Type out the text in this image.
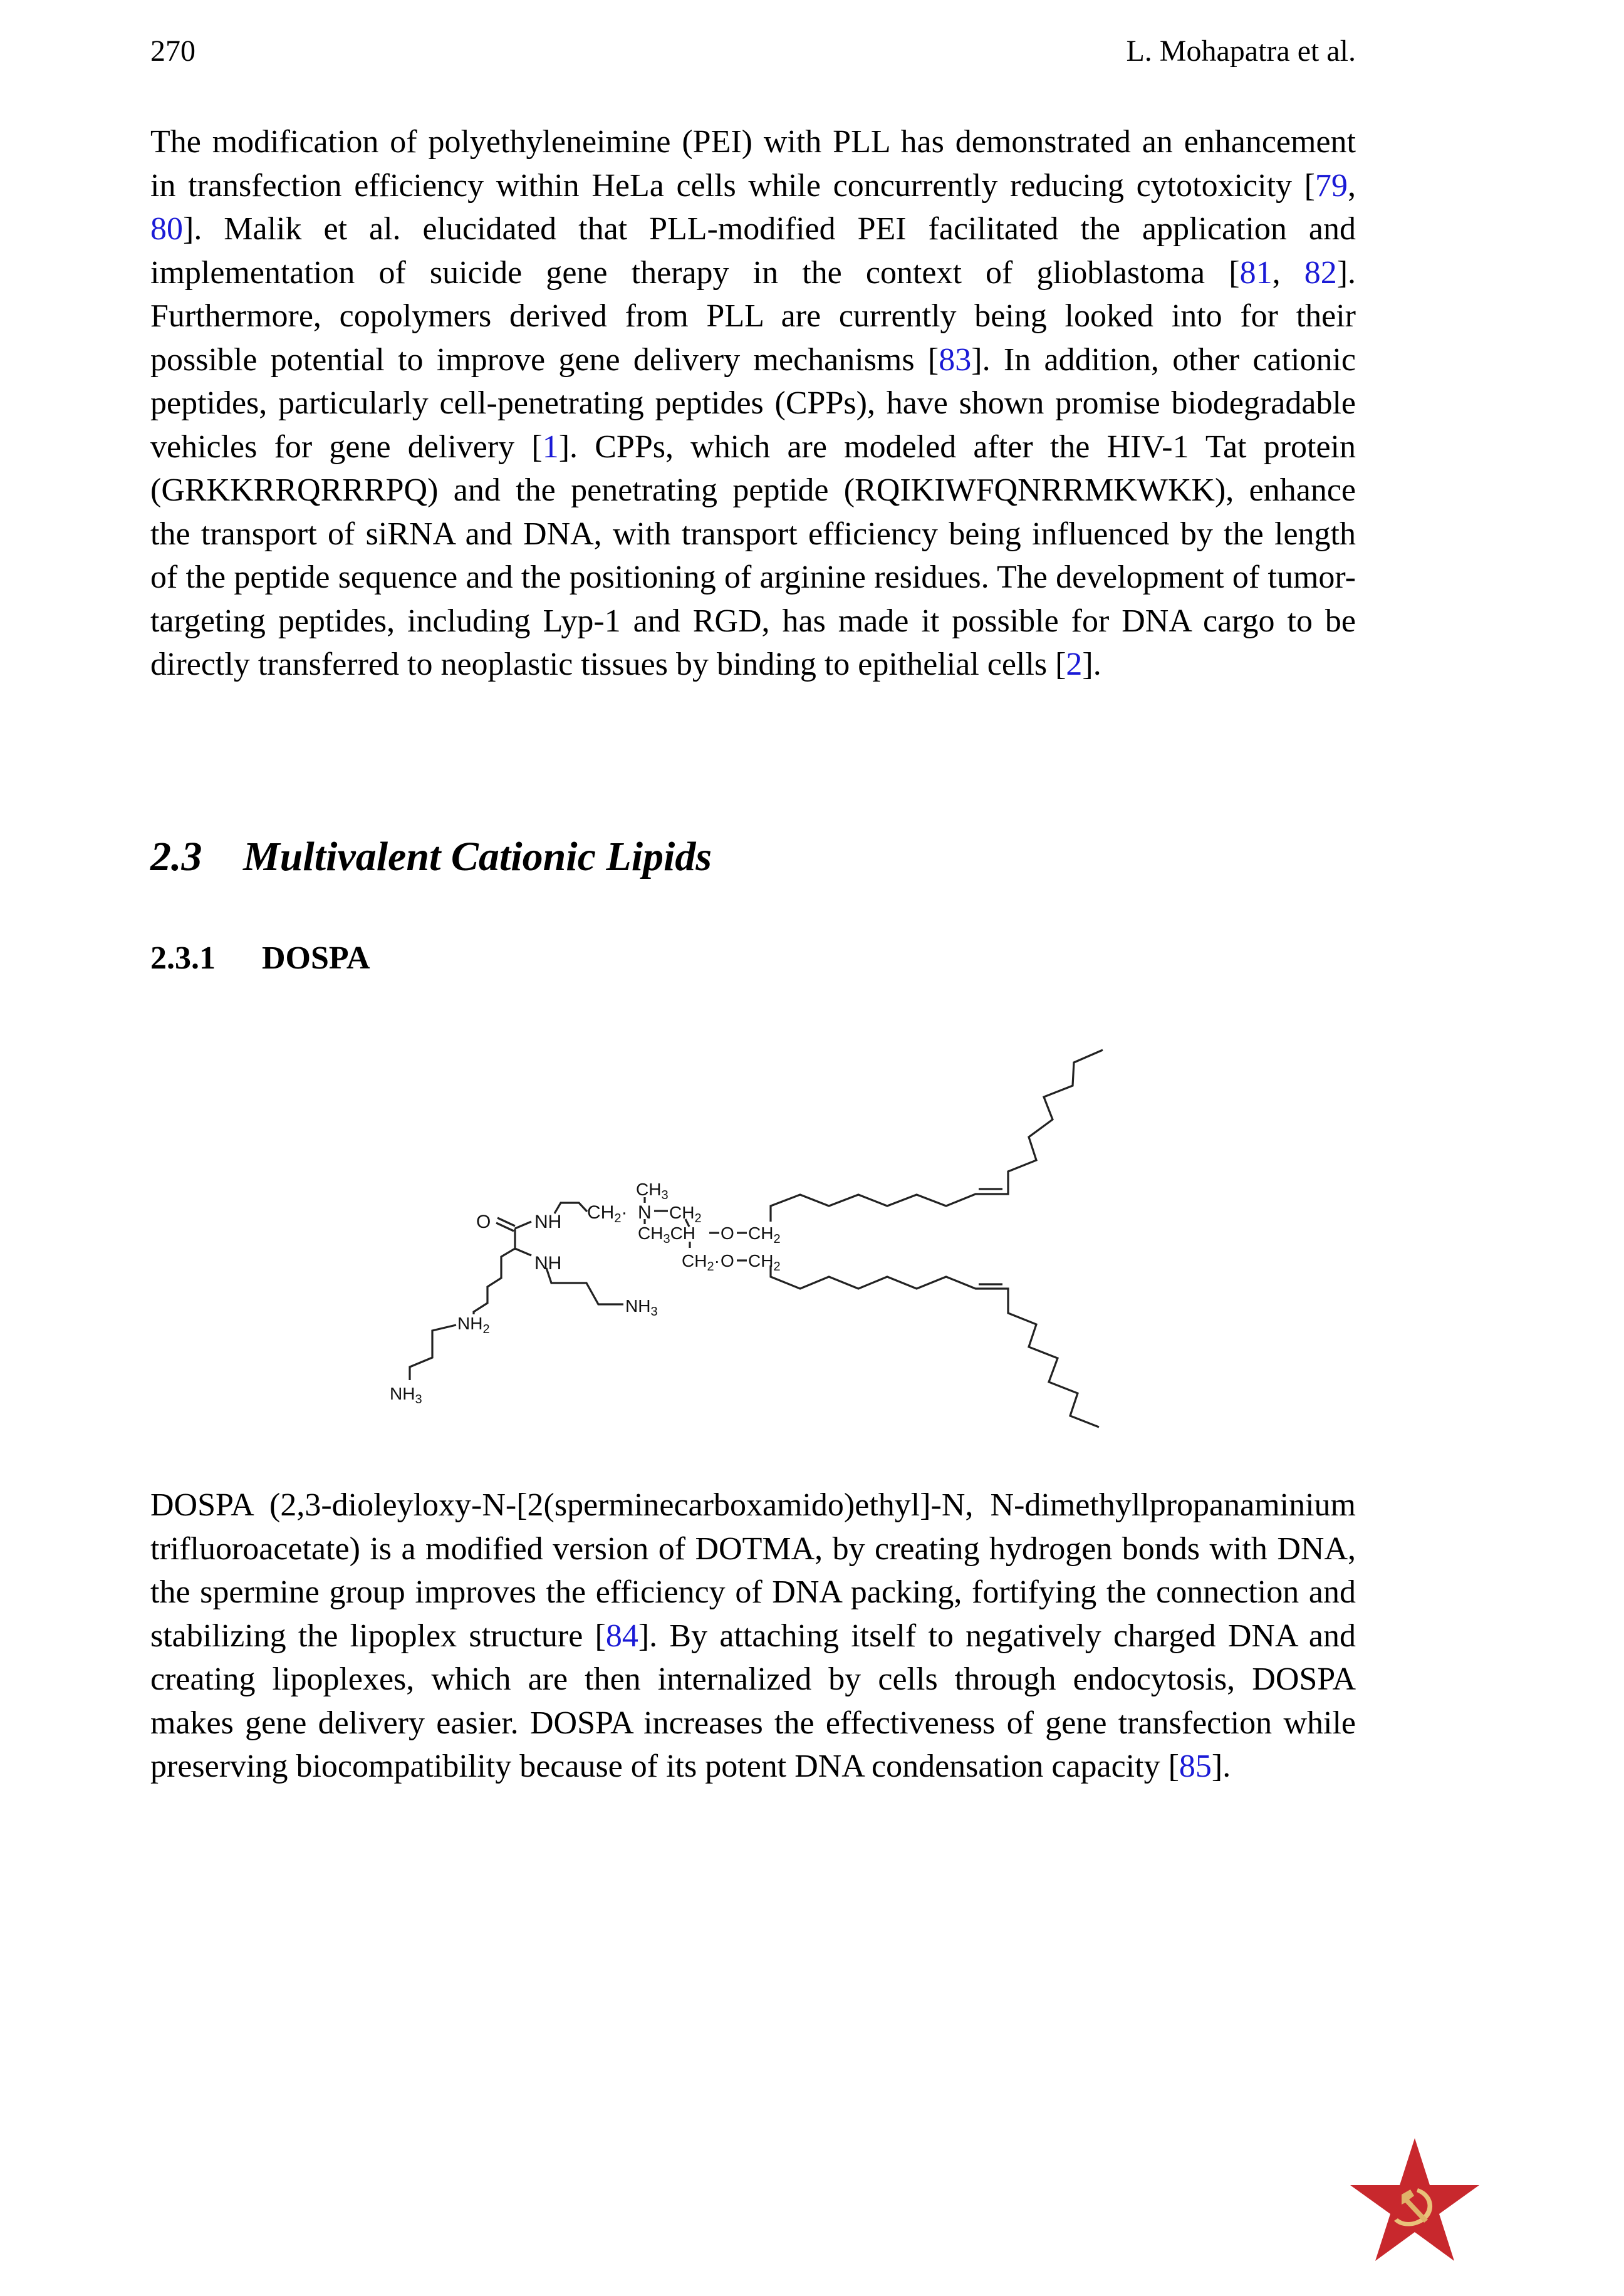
270	L. Mohapatra et al.

The modification of polyethyleneimine (PEI) with PLL has demonstrated an enhancement in transfection efficiency within HeLa cells while concurrently reducing cytotoxicity [79, 80]. Malik et al. elucidated that PLL-modified PEI facilitated the application and implementation of suicide gene therapy in the context of glioblastoma [81, 82]. Furthermore, copolymers derived from PLL are currently being looked into for their possible potential to improve gene delivery mechanisms [83]. In addition, other cationic peptides, particularly cell-penetrating peptides (CPPs), have shown promise biodegradable vehicles for gene delivery [1]. CPPs, which are modeled after the HIV-1 Tat protein (GRKKRRQRRRPQ) and the penetrating peptide (RQIKIWFQNRRMKWKK), enhance the transport of siRNA and DNA, with transport efficiency being influenced by the length of the peptide sequence and the positioning of arginine residues. The development of tumor-targeting peptides, including Lyp-1 and RGD, has made it possible for DNA cargo to be directly transferred to neoplastic tissues by binding to epithelial cells [2].

2.3 Multivalent Cationic Lipids
2.3.1 DOSPA
O NH $CH_2\cdot$
$CH_3$
N $CH_2$
$CH_3CH$ O $CH_2$
$CH_2\cdot O$ $CH_2$
NH
$NH_3$
$NH_2$
$NH_3$

DOSPA (2,3-dioleyloxy-N-[2(sperminecarboxamido)ethyl]-N, N-dimethyllpropanaminium trifluoroacetate) is a modified version of DOTMA, by creating hydrogen bonds with DNA, the spermine group improves the efficiency of DNA packing, fortifying the connection and stabilizing the lipoplex structure [84]. By attaching itself to negatively charged DNA and creating lipoplexes, which are then internalized by cells through endocytosis, DOSPA makes gene delivery easier. DOSPA increases the effectiveness of gene transfection while preserving biocompatibility because of its potent DNA condensation capacity [85].
